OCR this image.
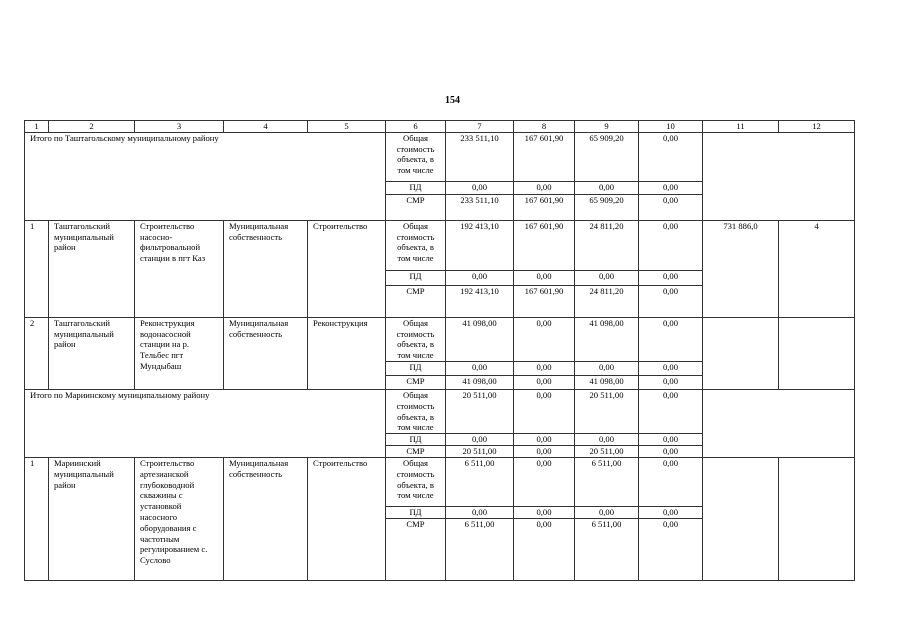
154
1	2	3	4	5	6	7	8	9	10	11	12
Итого по Таштагольскому муниципальному району					Общая стоимость объекта, в том числе	233 511,10	167 601,90	65 909,20	0,00		
					ПД	0,00	0,00	0,00	0,00		
					СМР	233 511,10	167 601,90	65 909,20	0,00		
1	Таштагольский муниципальный район	Строительство насосно-фильтровальной станции в пгт Каз	Муниципальная собственность	Строительство	Общая стоимость объекта, в том числе	192 413,10	167 601,90	24 811,20	0,00	731 886,0	4
					ПД	0,00	0,00	0,00	0,00		
					СМР	192 413,10	167 601,90	24 811,20	0,00		
2	Таштагольский муниципальный район	Реконструкция водонасосной станции на р. Тельбес пгт Мундыбаш	Муниципальная собственность	Реконструкция	Общая стоимость объекта, в том числе	41 098,00	0,00	41 098,00	0,00		
					ПД	0,00	0,00	0,00	0,00		
					СМР	41 098,00	0,00	41 098,00	0,00		
Итого по Мариинскому муниципальному району					Общая стоимость объекта, в том числе	20 511,00	0,00	20 511,00	0,00		
					ПД	0,00	0,00	0,00	0,00		
					СМР	20 511,00	0,00	20 511,00	0,00		
1	Мариинский муниципальный район	Строительство артезианской глубоководной скважины с установкой насосного оборудования с частотным регулированием с. Суслово	Муниципальная собственность	Строительство	Общая стоимость объекта, в том числе	6 511,00	0,00	6 511,00	0,00		
					ПД	0,00	0,00	0,00	0,00		
					СМР	6 511,00	0,00	6 511,00	0,00		
